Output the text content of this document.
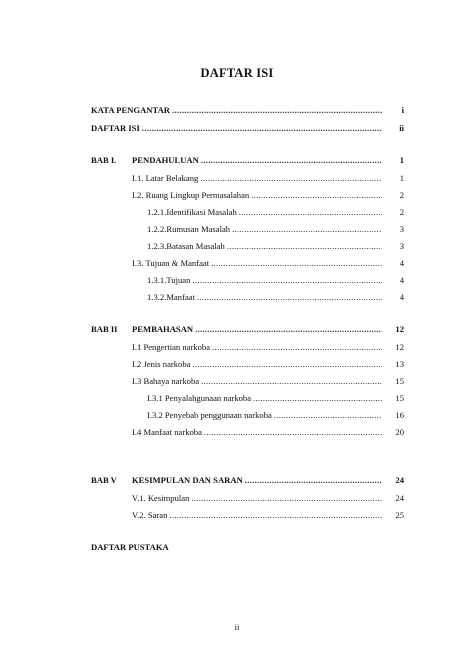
DAFTAR ISI
KATA PENGANTAR .....	i
DAFTAR ISI .....	ii
BAB I. PENDAHULUAN .....	1
I.1. Latar Belakang .....	1
I.2. Ruang Lingkup Permasalahan .....	2
1.2.1.Identifikasi Masalah .....	2
1.2.2.Rumusan Masalah .....	3
1.2.3.Batasan Masalah .....	3
I.3. Tujuan & Manfaat .....	4
1.3.1.Tujuan .....	4
1.3.2.Manfaat .....	4
BAB II PEMBAHASAN .....	12
I.1 Pengertian narkoba .....	12
I.2 Jenis narkoba .....	13
I.3 Bahaya narkoba .....	15
I.3.1 Penyalahgunaan narkoba .....	15
I.3.2 Penyebab penggunaan narkoba .....	16
I.4 Manfaat narkoba .....	20
BAB V KESIMPULAN DAN SARAN .....	24
V.1. Kesimpulan .....	24
V.2. Saran .....	25
DAFTAR PUSTAKA
ii
